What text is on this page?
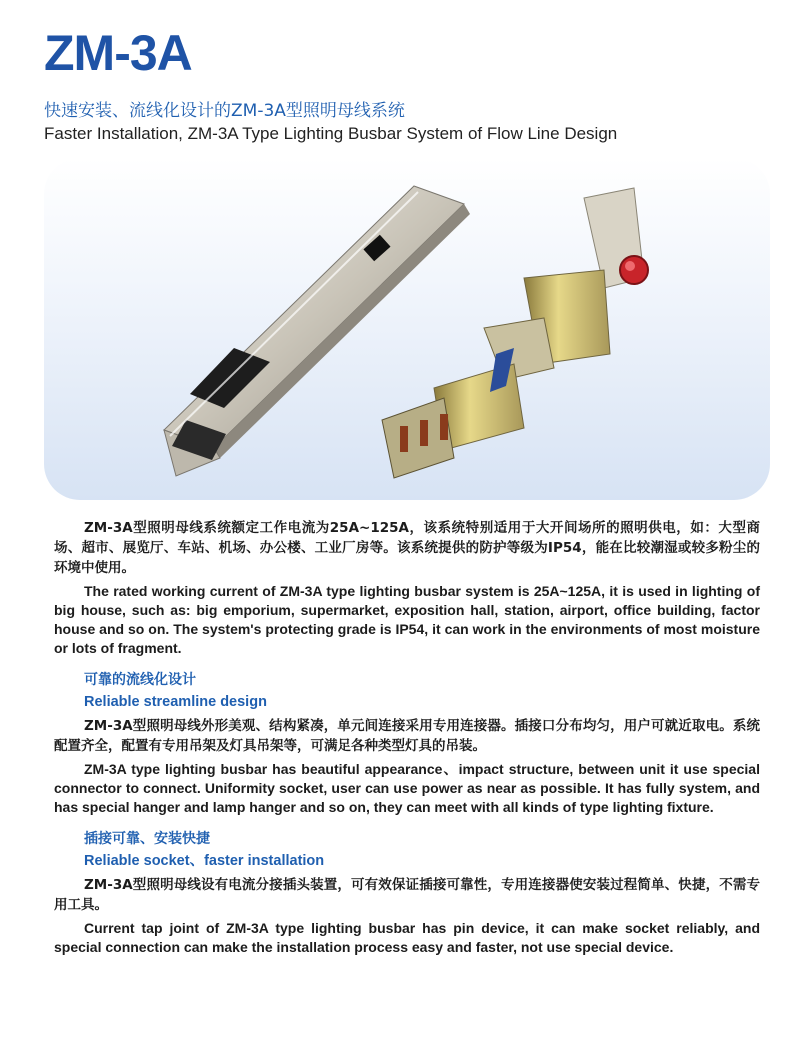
ZM-3A
快速安装、流线化设计的ZM-3A型照明母线系统
Faster Installation, ZM-3A Type Lighting Busbar System of Flow Line Design

ZM-3A型照明母线系统额定工作电流为25A~125A，该系统特别适用于大开间场所的照明供电，如：大型商场、超市、展览厅、车站、机场、办公楼、工业厂房等。该系统提供的防护等级为IP54，能在比较潮湿或较多粉尘的环境中使用。

The rated working current of ZM-3A type lighting busbar system is 25A~125A, it is used in lighting of big house, such as: big emporium, supermarket, exposition hall, station, airport, office building, factor house and so on. The system's protecting grade is IP54, it can work in the environments of most moisture or lots of fragment.

可靠的流线化设计
Reliable streamline design

ZM-3A型照明母线外形美观、结构紧凑，单元间连接采用专用连接器。插接口分布均匀，用户可就近取电。系统配置齐全，配置有专用吊架及灯具吊架等，可满足各种类型灯具的吊装。

ZM-3A type lighting busbar has beautiful appearance、impact structure, between unit it use special connector to connect. Uniformity socket, user can use power as near as possible. It has fully system, and has special hanger and lamp hanger and so on, they can meet with all kinds of type lighting fixture.

插接可靠、安装快捷
Reliable socket、faster installation

ZM-3A型照明母线设有电流分接插头装置，可有效保证插接可靠性，专用连接器使安装过程简单、快捷，不需专用工具。

Current tap joint of ZM-3A type lighting busbar has pin device, it can make socket reliably, and special connection can make the installation process easy and faster, not use special device.
